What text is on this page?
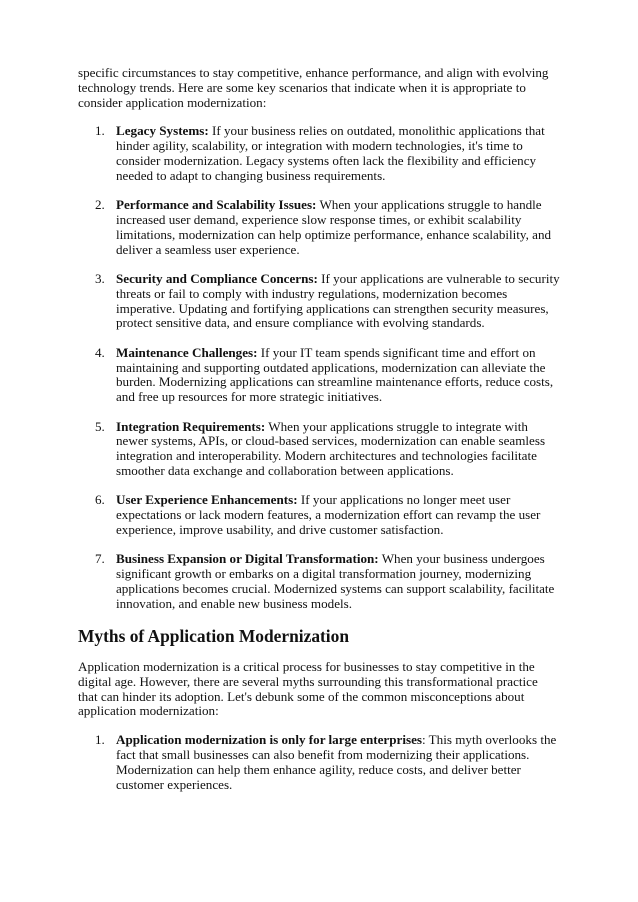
specific circumstances to stay competitive, enhance performance, and align with evolving technology trends. Here are some key scenarios that indicate when it is appropriate to consider application modernization:

1. Legacy Systems: If your business relies on outdated, monolithic applications that hinder agility, scalability, or integration with modern technologies, it's time to consider modernization. Legacy systems often lack the flexibility and efficiency needed to adapt to changing business requirements.
2. Performance and Scalability Issues: When your applications struggle to handle increased user demand, experience slow response times, or exhibit scalability limitations, modernization can help optimize performance, enhance scalability, and deliver a seamless user experience.
3. Security and Compliance Concerns: If your applications are vulnerable to security threats or fail to comply with industry regulations, modernization becomes imperative. Updating and fortifying applications can strengthen security measures, protect sensitive data, and ensure compliance with evolving standards.
4. Maintenance Challenges: If your IT team spends significant time and effort on maintaining and supporting outdated applications, modernization can alleviate the burden. Modernizing applications can streamline maintenance efforts, reduce costs, and free up resources for more strategic initiatives.
5. Integration Requirements: When your applications struggle to integrate with newer systems, APIs, or cloud-based services, modernization can enable seamless integration and interoperability. Modern architectures and technologies facilitate smoother data exchange and collaboration between applications.
6. User Experience Enhancements: If your applications no longer meet user expectations or lack modern features, a modernization effort can revamp the user experience, improve usability, and drive customer satisfaction.
7. Business Expansion or Digital Transformation: When your business undergoes significant growth or embarks on a digital transformation journey, modernizing applications becomes crucial. Modernized systems can support scalability, facilitate innovation, and enable new business models.
Myths of Application Modernization

Application modernization is a critical process for businesses to stay competitive in the digital age. However, there are several myths surrounding this transformational practice that can hinder its adoption. Let's debunk some of the common misconceptions about application modernization:

1. Application modernization is only for large enterprises: This myth overlooks the fact that small businesses can also benefit from modernizing their applications. Modernization can help them enhance agility, reduce costs, and deliver better customer experiences.
